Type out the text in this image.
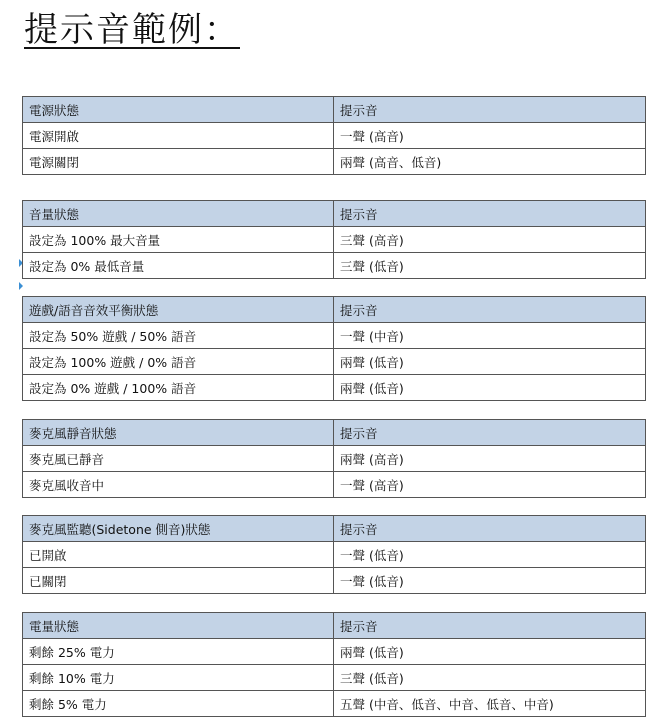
提示音範例：
電源狀態	提示音
電源開啟	一聲 (高音)
電源關閉	兩聲 (高音、低音)
音量狀態	提示音
設定為 100% 最大音量	三聲 (高音)
設定為 0% 最低音量	三聲 (低音)
遊戲/語音音效平衡狀態	提示音
設定為 50% 遊戲 / 50% 語音	一聲 (中音)
設定為 100% 遊戲 / 0% 語音	兩聲 (低音)
設定為 0% 遊戲 / 100% 語音	兩聲 (低音)
麥克風靜音狀態	提示音
麥克風已靜音	兩聲 (高音)
麥克風收音中	一聲 (高音)
麥克風監聽(Sidetone 側音)狀態	提示音
已開啟	一聲 (低音)
已關閉	一聲 (低音)
電量狀態	提示音
剩餘 25% 電力	兩聲 (低音)
剩餘 10% 電力	三聲 (低音)
剩餘 5% 電力	五聲 (中音、低音、中音、低音、中音)
